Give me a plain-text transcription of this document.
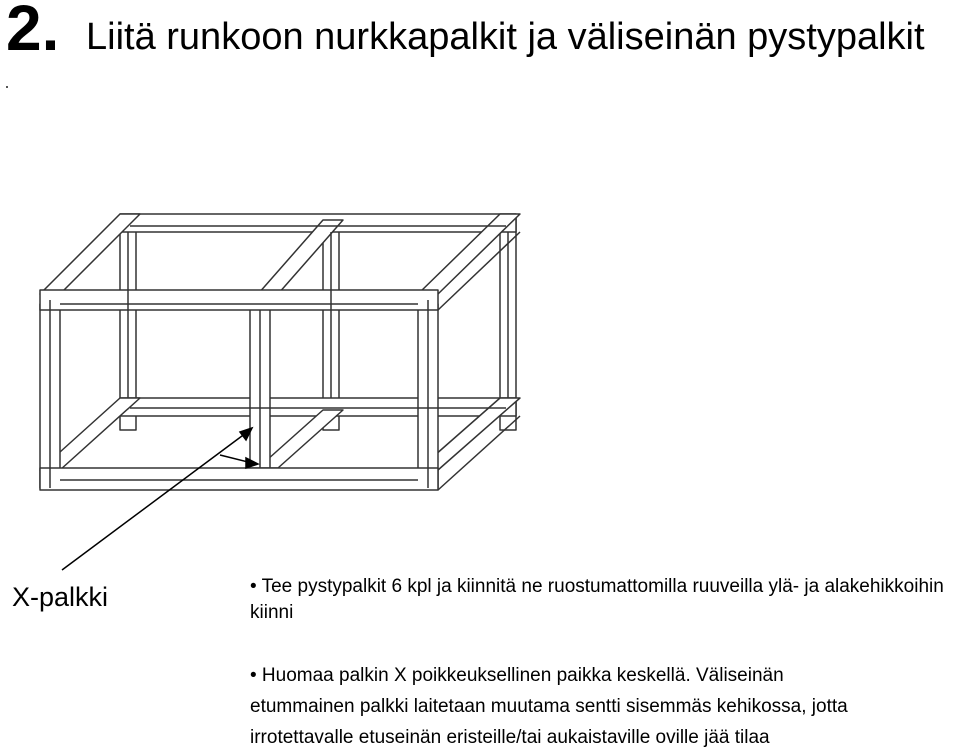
2. Liitä runkoon nurkkapalkit ja väliseinän pystypalkit
X-palkki	• Tee pystypalkit 6 kpl ja kiinnitä ne ruostumattomilla ruuveilla ylä- ja alakehikkoihin kiinni
• Huomaa palkin X poikkeuksellinen paikka keskellä. Väliseinän
etummainen palkki laitetaan muutama sentti sisemmäs kehikossa, jotta
irrotettavalle etuseinän eristeille/tai aukaistaville oville jää tilaa
